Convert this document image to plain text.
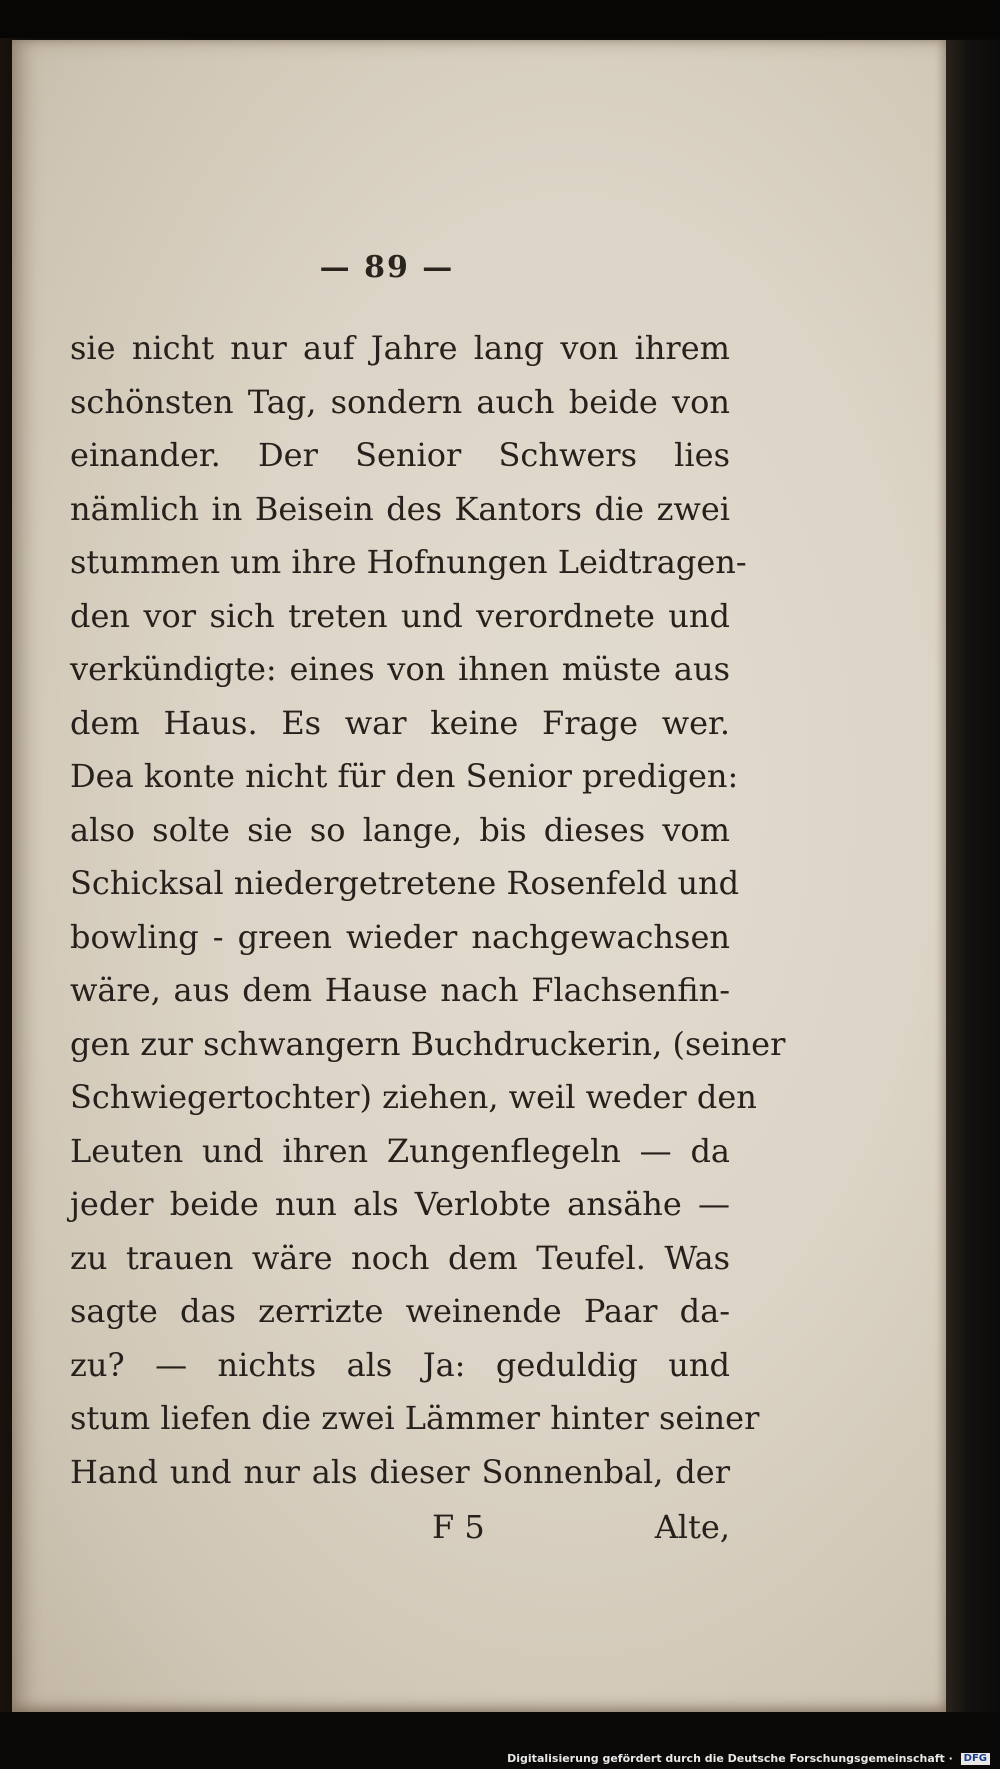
— 89 —
sie nicht nur auf Jahre lang von ihrem
schönsten Tag, sondern auch beide von
einander. Der Senior Schwers lies
nämlich in Beisein des Kantors die zwei
stummen um ihre Hofnungen Leidtragen-
den vor sich treten und verordnete und
verkündigte: eines von ihnen müste aus
dem Haus. Es war keine Frage wer.
Dea konte nicht für den Senior predigen:
also solte sie so lange, bis dieses vom
Schicksal niedergetretene Rosenfeld und
bowling - green wieder nachgewachsen
wäre, aus dem Hause nach Flachsenfin-
gen zur schwangern Buchdruckerin, (seiner
Schwiegertochter) ziehen, weil weder den
Leuten und ihren Zungenflegeln — da
jeder beide nun als Verlobte ansähe —
zu trauen wäre noch dem Teufel. Was
sagte das zerrizte weinende Paar da-
zu? — nichts als Ja: geduldig und
stum liefen die zwei Lämmer hinter seiner
Hand und nur als dieser Sonnenbal, der
F 5	Alte,
Digitalisierung gefördert durch die Deutsche Forschungsgemeinschaft · DFG
